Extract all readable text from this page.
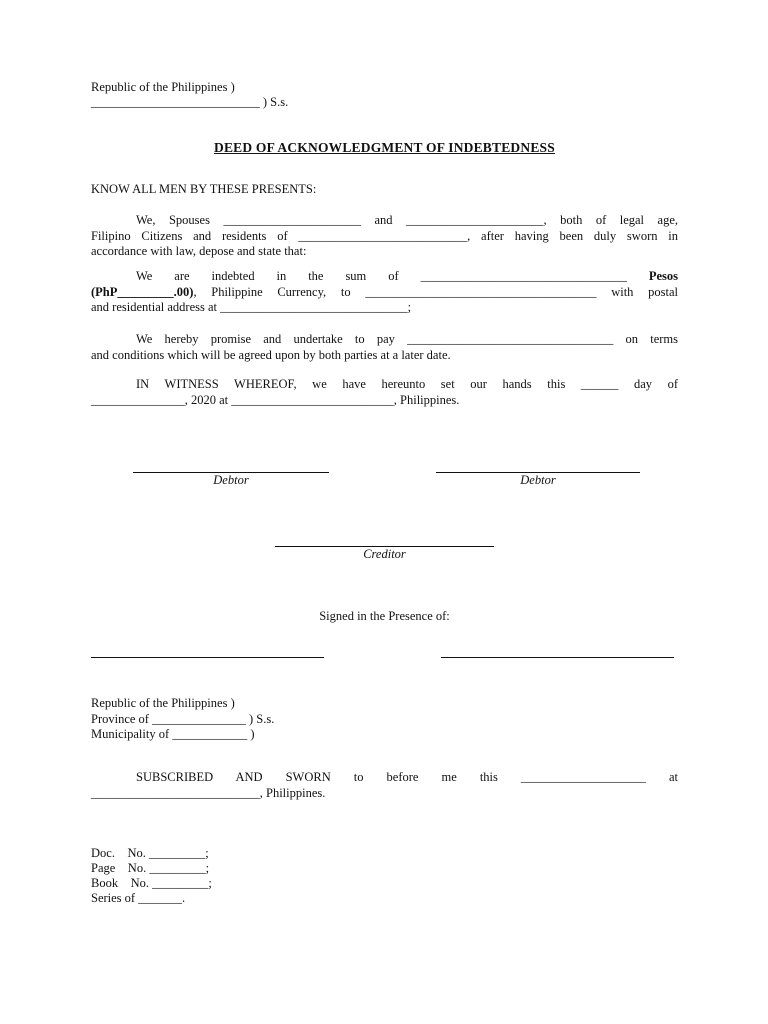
Republic of the Philippines )
___________________________ ) S.s.
DEED OF ACKNOWLEDGMENT OF INDEBTEDNESS
KNOW ALL MEN BY THESE PRESENTS:
We, Spouses ______________________ and ______________________, both of legal age,
Filipino Citizens and residents of ___________________________, after having been duly sworn in
accordance with law, depose and state that:
We are indebted in the sum of _________________________________ Pesos
(PhP_________.00), Philippine Currency, to _____________________________________ with postal
and residential address at ______________________________;
We hereby promise and undertake to pay _________________________________ on terms
and conditions which will be agreed upon by both parties at a later date.
IN WITNESS WHEREOF, we have hereunto set our hands this ______ day of
_______________, 2020 at __________________________, Philippines.
Debtor	Debtor
Creditor
Signed in the Presence of:
Republic of the Philippines )
Province of _______________ ) S.s.
Municipality of ____________ )
SUBSCRIBED AND SWORN to before me this ____________________ at
___________________________, Philippines.
Doc.    No. _________;
Page    No. _________;
Book    No. _________;
Series of _______.
